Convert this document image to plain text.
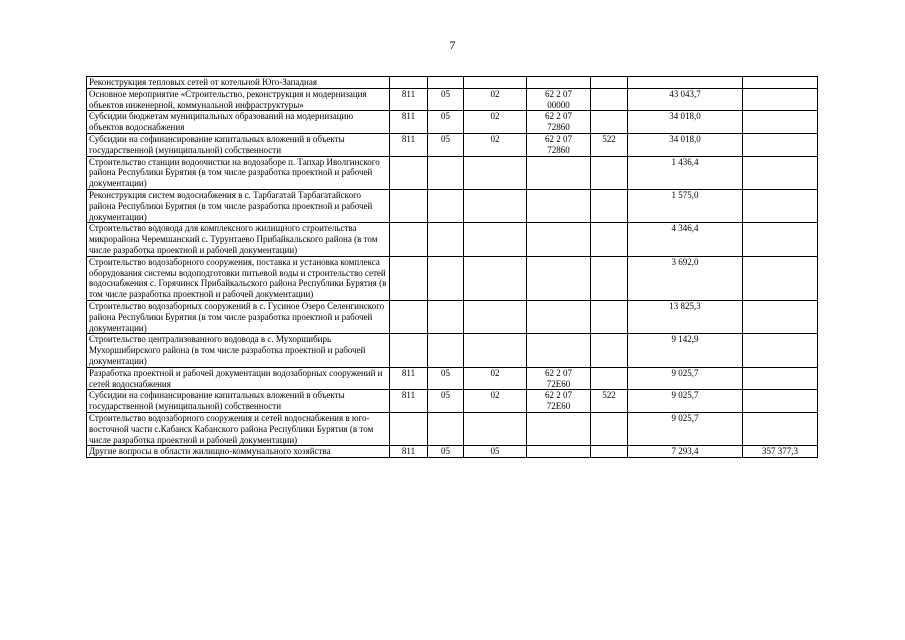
7
Реконструкция тепловых сетей от котельной Юго-Западная				

Основное мероприятие «Строительство, реконструкция и модернизация объектов инженерной, коммунальной инфраструктуры»	811	05	02	62 2 07
00000		43 043,7	
Субсидии бюджетам муниципальных образований на модернизацию объектов водоснабжения	811	05	02	62 2 07
72860		34 018,0	
Субсидии на софинансирование капитальных вложений в объекты государственной (муниципальной) собственности	811	05	02	62 2 07
72860	522	34 018,0	
Строительство станции водоочистки на водозаборе п. Тапхар Иволгинского района Республики Бурятия (в том числе разработка проектной и рабочей документации)						1 436,4	
Реконструкция систем водоснабжения в с. Тарбагатай Тарбагатайского района Республики Бурятия (в том числе разработка проектной и рабочей документации)						1 575,0	
Строительство водовода для комплексного жилищного строительства микрорайона Черемшанский с. Турунтаево Прибайкальского района (в том числе разработка проектной и рабочей документации)						4 346,4	
Строительство водозаборного сооружения, поставка и установка комплекса оборудования системы водоподготовки питьевой воды и строительство сетей водоснабжения с. Горячинск Прибайкальского района Республики Бурятия (в том числе разработка проектной и рабочей документации)						3 692,0	
Строительство водозаборных сооружений в с. Гусиное Озеро Селенгинского района Республики Бурятия (в том числе разработка проектной и рабочей документации)						13 825,3	
Строительство централизованного водовода в с. Мухоршибирь Мухоршибирского района (в том числе разработка проектной и рабочей документации)						9 142,9	
Разработка проектной и рабочей документации водозаборных сооружений и сетей водоснабжения	811	05	02	62 2 07
72Е60		9 025,7	
Субсидии на софинансирование капитальных вложений в объекты государственной (муниципальной) собственности	811	05	02	62 2 07
72Е60	522	9 025,7	
Строительство водозаборного сооружения и сетей водоснабжения в юго-восточной части с.Кабанск Кабанского района Республики Бурятия (в том числе разработка проектной и рабочей документации)						9 025,7	
Другие вопросы в области жилищно-коммунального хозяйства	811	05	05			7 293,4	357 377,3
